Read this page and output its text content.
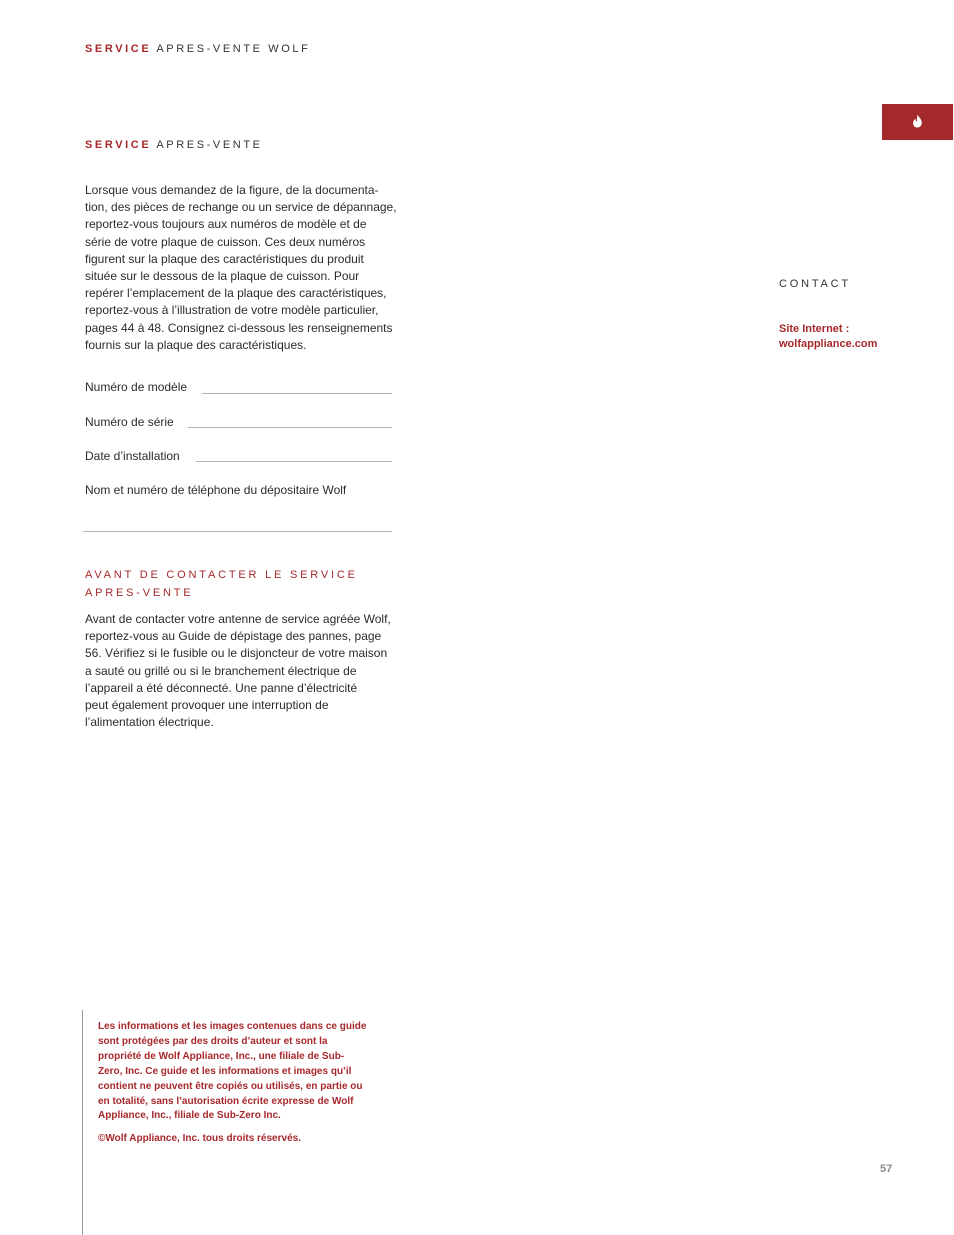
SERVICE APRES-VENTE WOLF
SERVICE APRES-VENTE

Lorsque vous demandez de la figure, de la documenta-
tion, des pièces de rechange ou un service de dépannage,
reportez-vous toujours aux numéros de modèle et de
série de votre plaque de cuisson. Ces deux numéros
figurent sur la plaque des caractéristiques du produit
située sur le dessous de la plaque de cuisson. Pour
repérer l’emplacement de la plaque des caractéristiques,
reportez-vous à l’illustration de votre modèle particulier,
pages 44 à 48. Consignez ci-dessous les renseignements
fournis sur la plaque des caractéristiques.

Numéro de modèle
Numéro de série
Date d’installation
Nom et numéro de téléphone du dépositaire Wolf
AVANT DE CONTACTER LE SERVICE
APRES-VENTE

Avant de contacter votre antenne de service agréée Wolf,
reportez-vous au Guide de dépistage des pannes, page
56. Vérifiez si le fusible ou le disjoncteur de votre maison
a sauté ou grillé ou si le branchement électrique de
l’appareil a été déconnecté. Une panne d’électricité
peut également provoquer une interruption de
l’alimentation électrique.

CONTACT
Site Internet :
wolfappliance.com

Les informations et les images contenues dans ce guide
sont protégées par des droits d’auteur et sont la
propriété de Wolf Appliance, Inc., une filiale de Sub-
Zero, Inc. Ce guide et les informations et images qu’il
contient ne peuvent être copiés ou utilisés, en partie ou
en totalité, sans l’autorisation écrite expresse de Wolf
Appliance, Inc., filiale de Sub-Zero Inc.

©Wolf Appliance, Inc. tous droits réservés.
57
